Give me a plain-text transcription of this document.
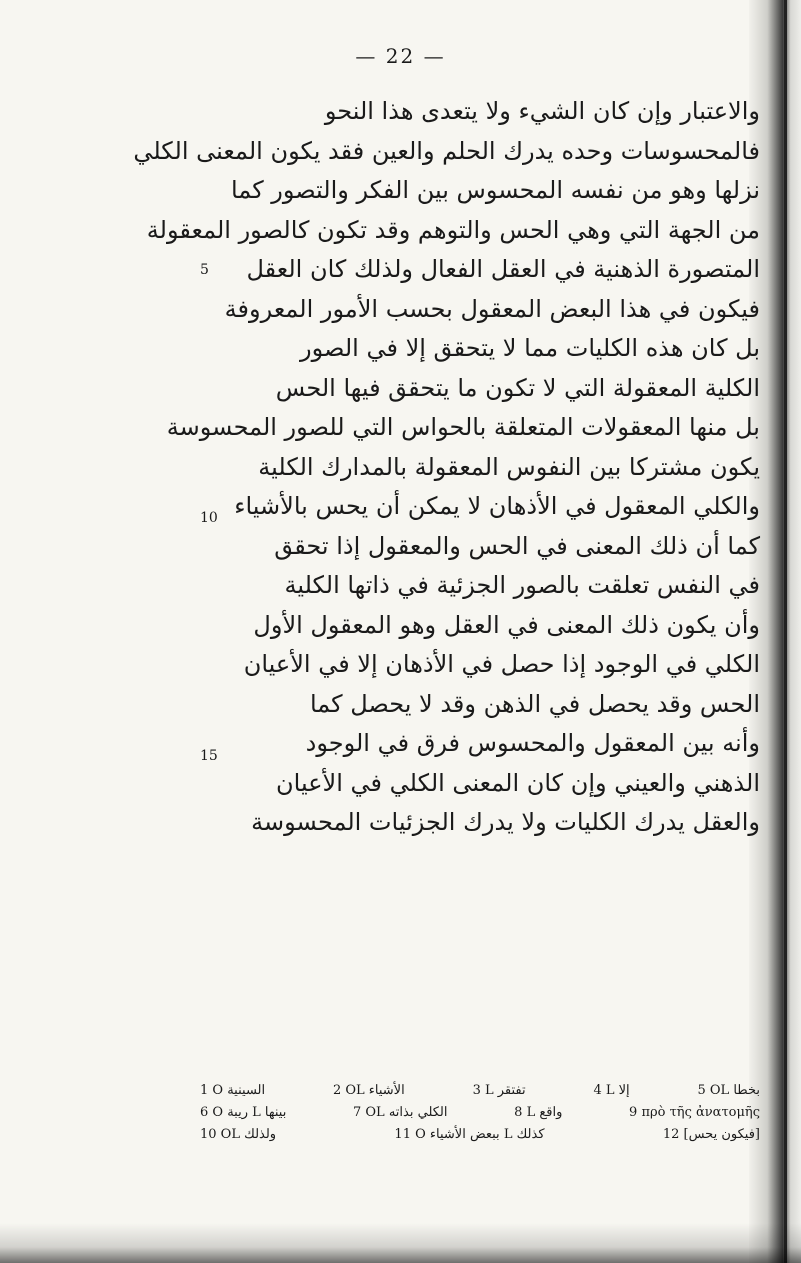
— 22 —
والاعتبار وإن كان الشيء ولا يتعدى هذا النحو
فالمحسوسات وحده يدرك الحلم والعين فقد يكون المعنى الكلي
نزلها وهو من نفسه المحسوس بين الفكر والتصور كما
من الجهة التي وهي الحس والتوهم وقد تكون كالصور المعقولة
المتصورة الذهنية في العقل الفعال ولذلك كان العقل
فيكون في هذا البعض المعقول بحسب الأمور المعروفة
بل كان هذه الكليات مما لا يتحقق إلا في الصور
الكلية المعقولة التي لا تكون ما يتحقق فيها الحس
بل منها المعقولات المتعلقة بالحواس التي للصور المحسوسة
يكون مشتركا بين النفوس المعقولة بالمدارك الكلية
والكلي المعقول في الأذهان لا يمكن أن يحس بالأشياء
كما أن ذلك المعنى في الحس والمعقول إذا تحقق
في النفس تعلقت بالصور الجزئية في ذاتها الكلية
وأن يكون ذلك المعنى في العقل وهو المعقول الأول
الكلي في الوجود إذا حصل في الأذهان إلا في الأعيان
الحس وقد يحصل في الذهن وقد لا يحصل كما
وأنه بين المعقول والمحسوس فرق في الوجود
الذهني والعيني وإن كان المعنى الكلي في الأعيان
والعقل يدرك الكليات ولا يدرك الجزئيات المحسوسة
5
10
15
1 O السينية	2 OL الأشياء	3 L تفتقر	4 L إلا	5 OL بخطا
6 O ريبة L بينها	7 OL الكلي بذاته	8 L واقع	9 πρὸ τῆς ἀνατομῆς
10 OL ولذلك	11 O ببعض الأشياء L كذلك	12 [فيكون يحس]
